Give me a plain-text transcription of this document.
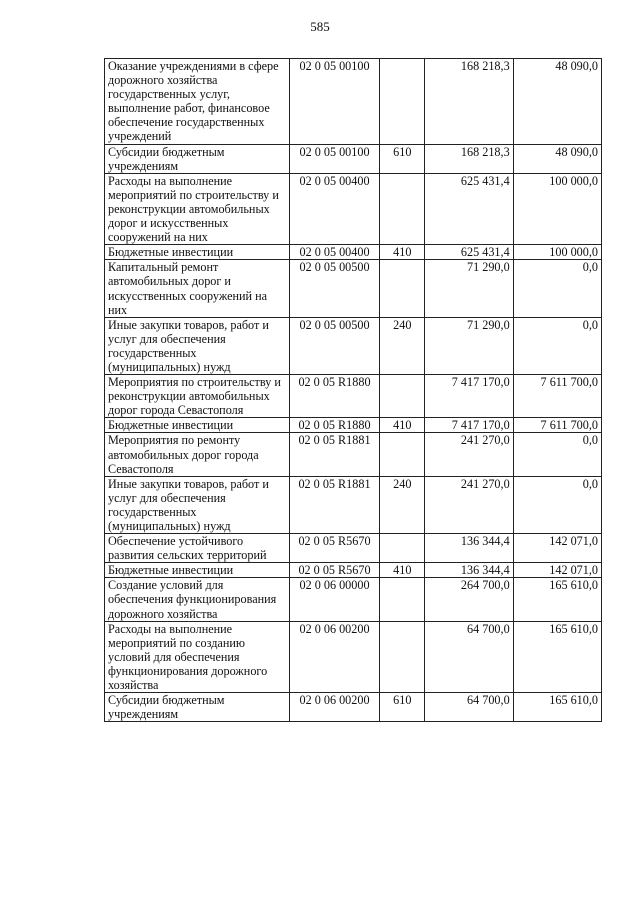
585
Оказание учреждениями в сфере дорожного хозяйства государственных услуг, выполнение работ, финансовое обеспечение государственных учреждений	02 0 05 00100		168 218,3	48 090,0
Субсидии бюджетным учреждениям	02 0 05 00100	610	168 218,3	48 090,0
Расходы на выполнение мероприятий по строительству и реконструкции автомобильных дорог и искусственных сооружений на них	02 0 05 00400		625 431,4	100 000,0
Бюджетные инвестиции	02 0 05 00400	410	625 431,4	100 000,0
Капитальный ремонт автомобильных дорог и искусственных сооружений на них	02 0 05 00500		71 290,0	0,0
Иные закупки товаров, работ и услуг для обеспечения государственных (муниципальных) нужд	02 0 05 00500	240	71 290,0	0,0
Мероприятия по строительству и реконструкции автомобильных дорог города Севастополя	02 0 05 R1880		7 417 170,0	7 611 700,0
Бюджетные инвестиции	02 0 05 R1880	410	7 417 170,0	7 611 700,0
Мероприятия по ремонту автомобильных дорог города Севастополя	02 0 05 R1881		241 270,0	0,0
Иные закупки товаров, работ и услуг для обеспечения государственных (муниципальных) нужд	02 0 05 R1881	240	241 270,0	0,0
Обеспечение устойчивого развития сельских территорий	02 0 05 R5670		136 344,4	142 071,0
Бюджетные инвестиции	02 0 05 R5670	410	136 344,4	142 071,0
Создание условий для обеспечения функционирования дорожного хозяйства	02 0 06 00000		264 700,0	165 610,0
Расходы на выполнение мероприятий по созданию условий для обеспечения функционирования дорожного хозяйства	02 0 06 00200		64 700,0	165 610,0
Субсидии бюджетным учреждениям	02 0 06 00200	610	64 700,0	165 610,0
